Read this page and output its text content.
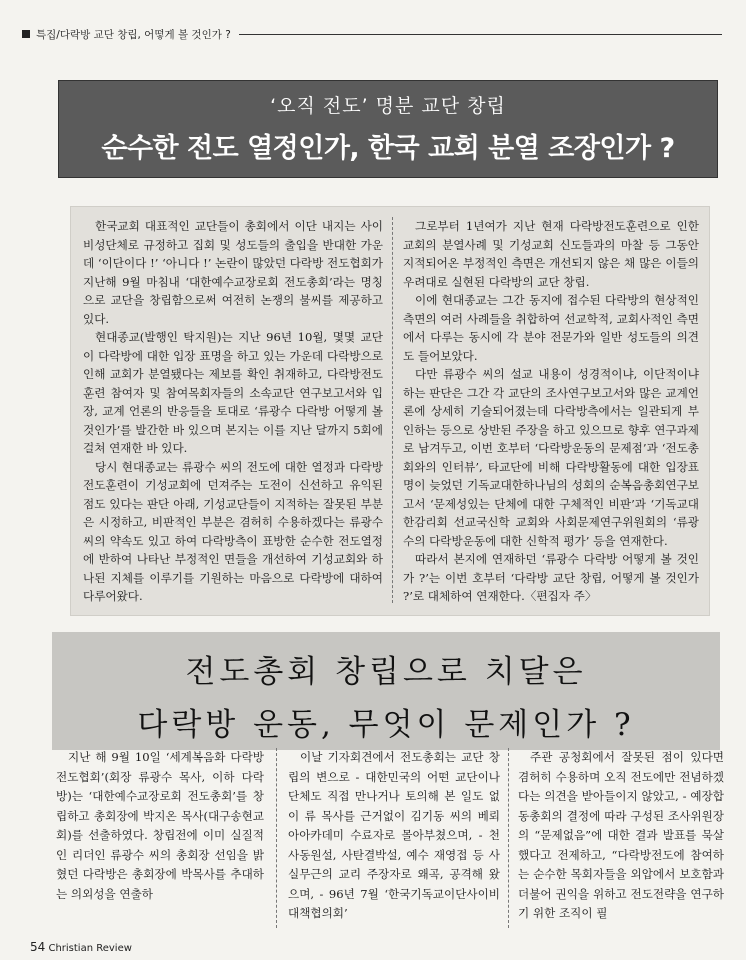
특집/다락방 교단 창립, 어떻게 볼 것인가 ?
‘오직 전도’ 명분 교단 창립
순수한 전도 열정인가, 한국 교회 분열 조장인가 ?

한국교회 대표적인 교단들이 총회에서 이단 내지는 사이비성단체로 규정하고 집회 및 성도들의 출입을 반대한 가운데 ‘이단이다 !’ ‘아니다 !’ 논란이 많았던 다락방 전도협회가 지난해 9월 마침내 ‘대한예수교장로회 전도총회’라는 명칭으로 교단을 창립함으로써 여전히 논쟁의 불씨를 제공하고 있다.

현대종교(발행인 탁지원)는 지난 96년 10월, 몇몇 교단이 다락방에 대한 입장 표명을 하고 있는 가운데 다락방으로 인해 교회가 분열됐다는 제보를 확인 취재하고, 다락방전도훈련 참여자 및 참여목회자들의 소속교단 연구보고서와 입장, 교계 언론의 반응들을 토대로 ‘류광수 다락방 어떻게 볼 것인가’를 발간한 바 있으며 본지는 이를 지난 달까지 5회에 걸쳐 연재한 바 있다.

당시 현대종교는 류광수 씨의 전도에 대한 열정과 다락방전도훈련이 기성교회에 던져주는 도전이 신선하고 유익된 점도 있다는 판단 아래, 기성교단들이 지적하는 잘못된 부분은 시정하고, 비판적인 부분은 겸허히 수용하겠다는 류광수 씨의 약속도 있고 하여 다락방측이 표방한 순수한 전도열정에 반하여 나타난 부정적인 면들을 개선하여 기성교회와 하나된 지체를 이루기를 기원하는 마음으로 다락방에 대하여 다루어왔다.

그로부터 1년여가 지난 현재 다락방전도훈련으로 인한 교회의 분열사례 및 기성교회 신도들과의 마찰 등 그동안 지적되어온 부정적인 측면은 개선되지 않은 채 많은 이들의 우려대로 실현된 다락방의 교단 창립.

이에 현대종교는 그간 동지에 접수된 다락방의 현상적인 측면의 여러 사례들을 취합하여 선교학적, 교회사적인 측면에서 다루는 동시에 각 분야 전문가와 일반 성도들의 의견도 들어보았다.

다만 류광수 씨의 설교 내용이 성경적이냐, 이단적이냐 하는 판단은 그간 각 교단의 조사연구보고서와 많은 교계언론에 상세히 기술되어졌는데 다락방측에서는 일관되게 부인하는 등으로 상반된 주장을 하고 있으므로 향후 연구과제로 남겨두고, 이번 호부터 ‘다락방운동의 문제점’과 ‘전도총회와의 인터뷰’, 타교단에 비해 다락방활동에 대한 입장표명이 늦었던 기독교대한하나님의 성회의 순복음총회연구보고서 ‘문제성있는 단체에 대한 구체적인 비판’과 ‘기독교대한감리회 선교국신학 교회와 사회문제연구위원회의 ‘류광수의 다락방운동에 대한 신학적 평가’ 등을 연재한다.

따라서 본지에 연재하던 ‘류광수 다락방 어떻게 볼 것인가 ?’는 이번 호부터 ‘다락방 교단 창립, 어떻게 볼 것인가 ?’로 대체하여 연재한다.〈편집자 주〉

전도총회 창립으로 치달은
다락방 운동, 무엇이 문제인가 ?

지난 해 9월 10일 ‘세계복음화 다락방전도협회’(회장 류광수 목사, 이하 다락방)는 ‘대한예수교장로회 전도총회’를 창립하고 총회장에 박지온 목사(대구송현교회)를 선출하였다. 창립전에 이미 실질적인 리더인 류광수 씨의 총회장 선임을 밝혔던 다락방은 총회장에 박목사를 추대하는 의외성을 연출하

이날 기자회견에서 전도총회는 교단 창립의 변으로 - 대한민국의 어떤 교단이나 단체도 직접 만나거나 토의해 본 일도 없이 류 목사를 근거없이 김기동 씨의 베뢰아아카데미 수료자로 몰아부쳤으며, - 천사동원설, 사탄결박설, 예수 재영접 등 사실무근의 교리 주장자로 왜곡, 공격해 왔으며, - 96년 7월 ‘한국기독교이단사이비대책협의회’

주관 공청회에서 잘못된 점이 있다면 겸허히 수용하며 오직 전도에만 전념하겠다는 의견을 받아들이지 않았고, - 예장합동총회의 결정에 따라 구성된 조사위원장의 “문제없음”에 대한 결과 발표를 묵살했다고 전제하고, “다락방전도에 참여하는 순수한 목회자들을 외압에서 보호함과 더불어 권익을 위하고 전도전략을 연구하기 위한 조직이 필

54 Christian Review
